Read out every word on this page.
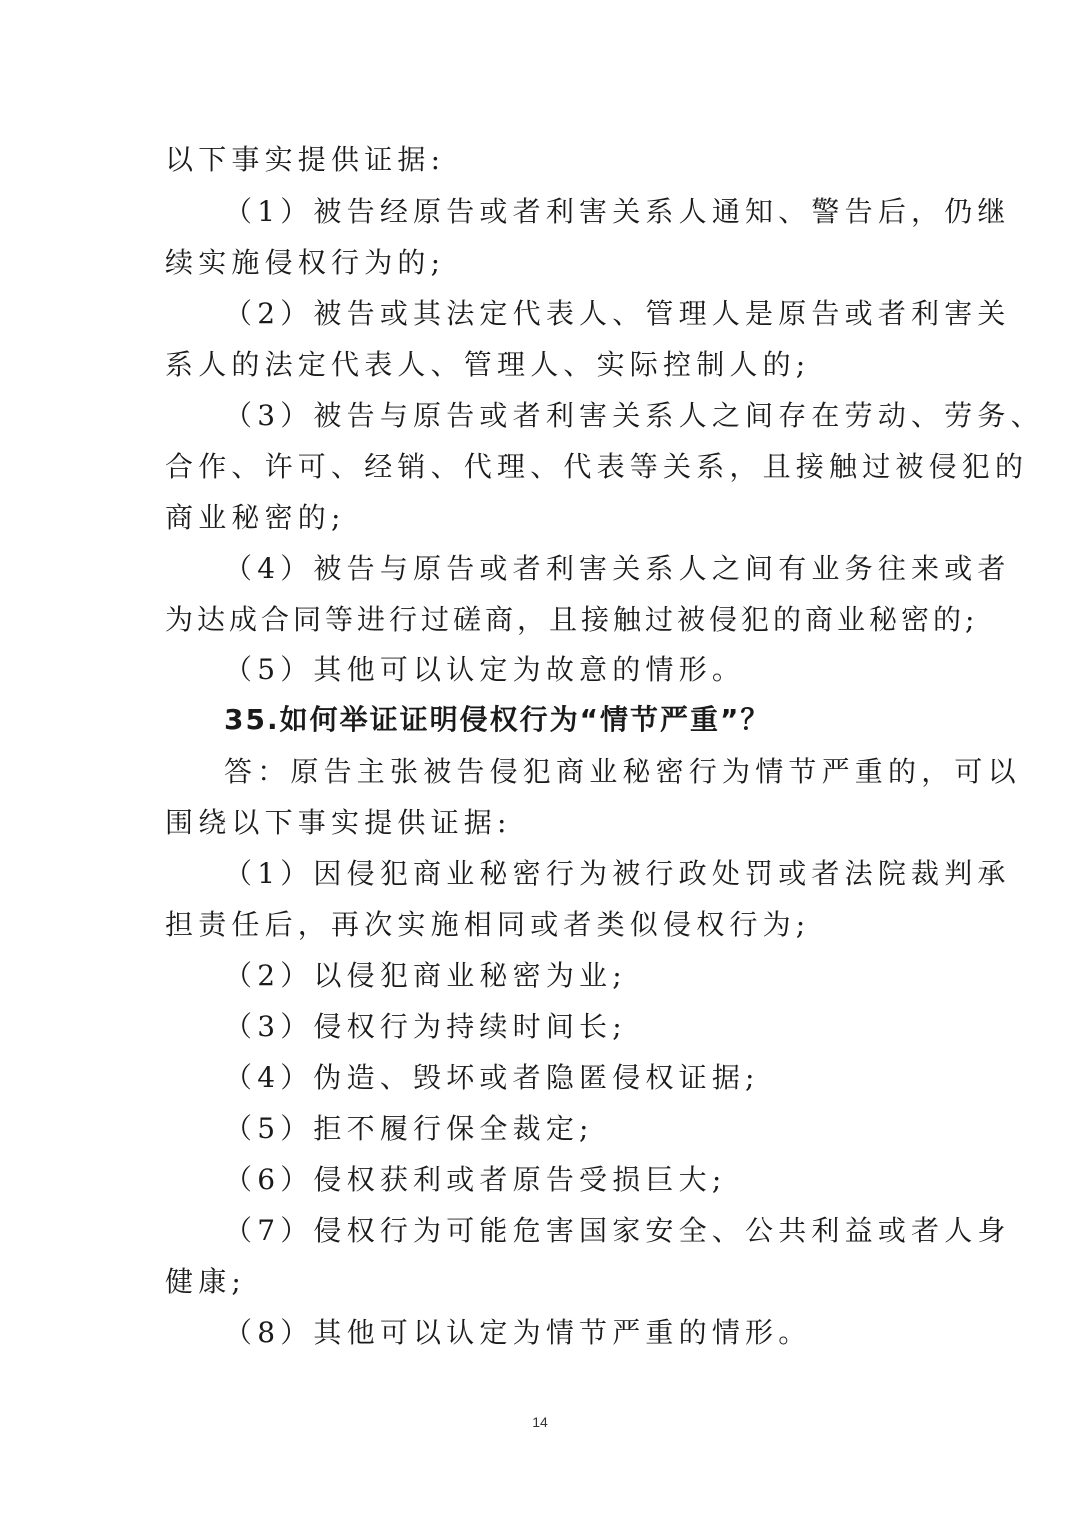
以下事实提供证据:
（1）被告经原告或者利害关系人通知、警告后，仍继
续实施侵权行为的;
（2）被告或其法定代表人、管理人是原告或者利害关
系人的法定代表人、管理人、实际控制人的;
（3）被告与原告或者利害关系人之间存在劳动、劳务、
合作、许可、经销、代理、代表等关系，且接触过被侵犯的
商业秘密的;
（4）被告与原告或者利害关系人之间有业务往来或者
为达成合同等进行过磋商，且接触过被侵犯的商业秘密的;
（5）其他可以认定为故意的情形。
35.如何举证证明侵权行为“情节严重”？
答：原告主张被告侵犯商业秘密行为情节严重的，可以
围绕以下事实提供证据:
（1）因侵犯商业秘密行为被行政处罚或者法院裁判承
担责任后，再次实施相同或者类似侵权行为;
（2）以侵犯商业秘密为业;
（3）侵权行为持续时间长;
（4）伪造、毁坏或者隐匿侵权证据;
（5）拒不履行保全裁定;
（6）侵权获利或者原告受损巨大;
（7）侵权行为可能危害国家安全、公共利益或者人身
健康;
（8）其他可以认定为情节严重的情形。
14
